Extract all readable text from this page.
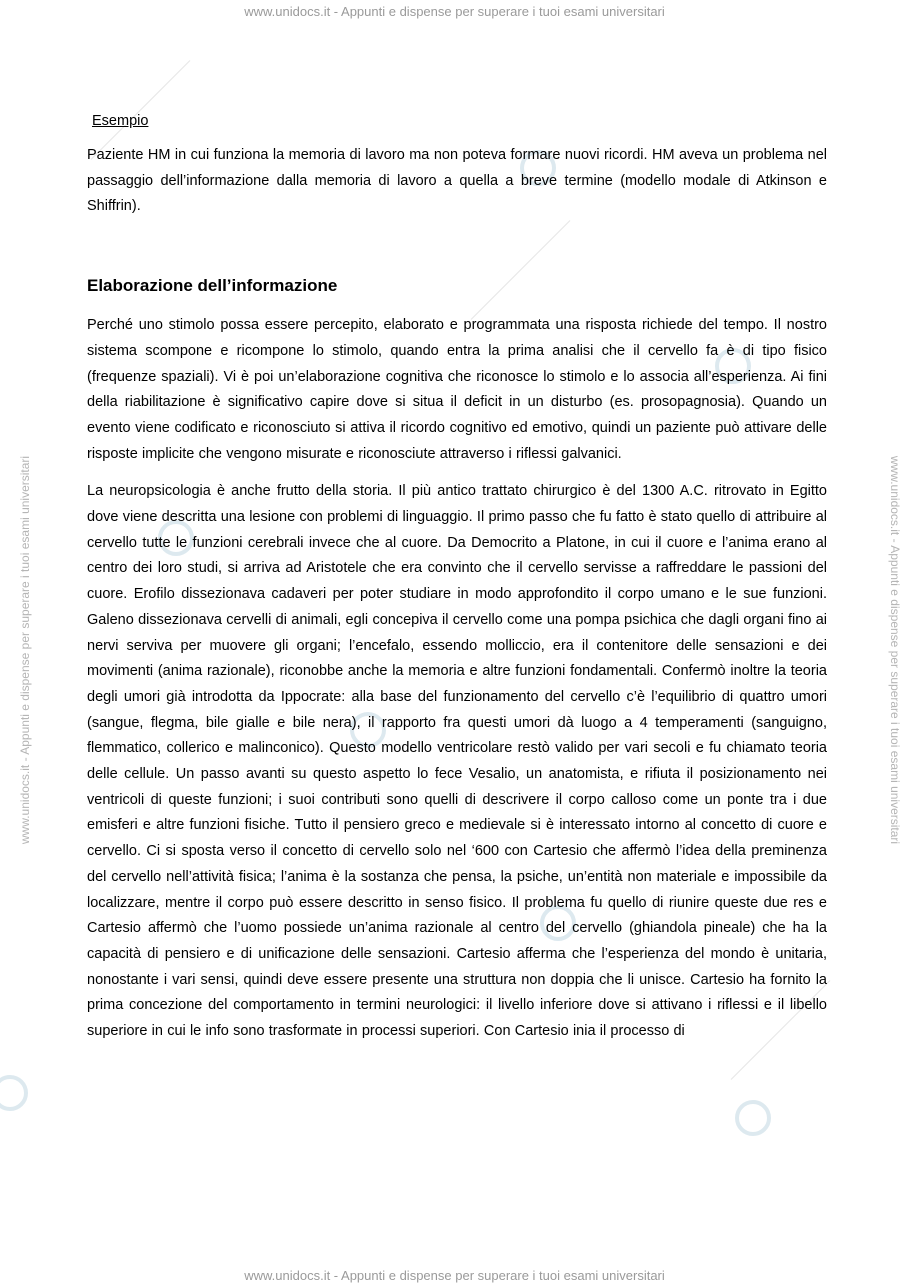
www.unidocs.it - Appunti e dispense per superare i tuoi esami universitari
www.unidocs.it - Appunti e dispense per superare i tuoi esami universitari	www.unidocs.it - Appunti e dispense per superare i tuoi esami universitari

Esempio

Paziente HM in cui funziona la memoria di lavoro ma non poteva formare nuovi ricordi. HM aveva un problema nel passaggio dell’informazione dalla memoria di lavoro a quella a breve termine (modello modale di Atkinson e Shiffrin).

Elaborazione dell’informazione

Perché uno stimolo possa essere percepito, elaborato e programmata una risposta richiede del tempo. Il nostro sistema scompone e ricompone lo stimolo, quando entra la prima analisi che il cervello fa è di tipo fisico (frequenze spaziali). Vi è poi un’elaborazione cognitiva che riconosce lo stimolo e lo associa all’esperienza. Ai fini della riabilitazione è significativo capire dove si situa il deficit in un disturbo (es. prosopagnosia). Quando un evento viene codificato e riconosciuto si attiva il ricordo cognitivo ed emotivo, quindi un paziente può attivare delle risposte implicite che vengono misurate e riconosciute attraverso i riflessi galvanici.

La neuropsicologia è anche frutto della storia. Il più antico trattato chirurgico è del 1300 A.C. ritrovato in Egitto dove viene descritta una lesione con problemi di linguaggio. Il primo passo che fu fatto è stato quello di attribuire al cervello tutte le funzioni cerebrali invece che al cuore. Da Democrito a Platone, in cui il cuore e l’anima erano al centro dei loro studi, si arriva ad Aristotele che era convinto che il cervello servisse a raffreddare le passioni del cuore. Erofilo dissezionava cadaveri per poter studiare in modo approfondito il corpo umano e le sue funzioni. Galeno dissezionava cervelli di animali, egli concepiva il cervello come una pompa psichica che dagli organi fino ai nervi serviva per muovere gli organi; l’encefalo, essendo molliccio, era il contenitore delle sensazioni e dei movimenti (anima razionale), riconobbe anche la memoria e altre funzioni fondamentali. Confermò inoltre la teoria degli umori già introdotta da Ippocrate: alla base del funzionamento del cervello c’è l’equilibrio di quattro umori (sangue, flegma, bile gialle e bile nera), il rapporto fra questi umori dà luogo a 4 temperamenti (sanguigno, flemmatico, collerico e malinconico). Questo modello ventricolare restò valido per vari secoli e fu chiamato teoria delle cellule. Un passo avanti su questo aspetto lo fece Vesalio, un anatomista, e rifiuta il posizionamento nei ventricoli di queste funzioni; i suoi contributi sono quelli di descrivere il corpo calloso come un ponte tra i due emisferi e altre funzioni fisiche. Tutto il pensiero greco e medievale si è interessato intorno al concetto di cuore e cervello. Ci si sposta verso il concetto di cervello solo nel ‘600 con Cartesio che affermò l’idea della preminenza del cervello nell’attività fisica; l’anima è la sostanza che pensa, la psiche, un’entità non materiale e impossibile da localizzare, mentre il corpo può essere descritto in senso fisico. Il problema fu quello di riunire queste due res e Cartesio affermò che l’uomo possiede un’anima razionale al centro del cervello (ghiandola pineale) che ha la capacità di pensiero e di unificazione delle sensazioni. Cartesio afferma che l’esperienza del mondo è unitaria, nonostante i vari sensi, quindi deve essere presente una struttura non doppia che li unisce. Cartesio ha fornito la prima concezione del comportamento in termini neurologici: il livello inferiore dove si attivano i riflessi e il libello superiore in cui le info sono trasformate in processi superiori. Con Cartesio inia il processo di

www.unidocs.it - Appunti e dispense per superare i tuoi esami universitari
